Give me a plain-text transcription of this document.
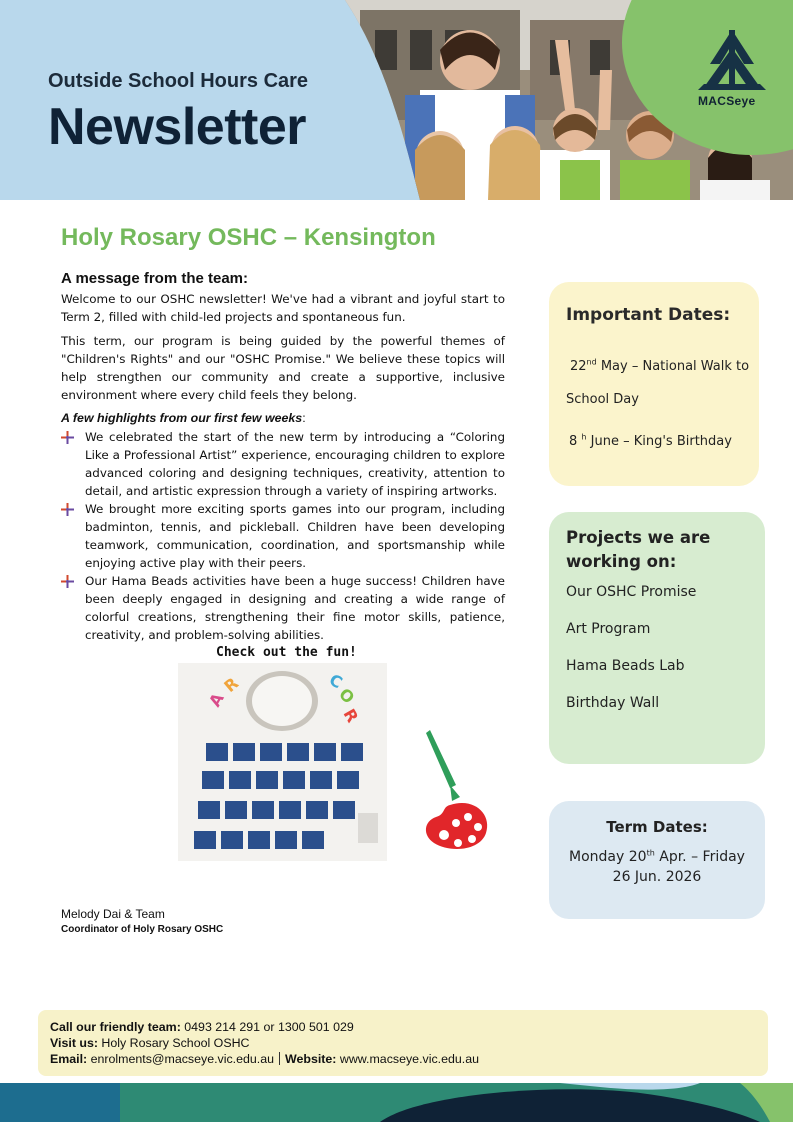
Outside School Hours Care
Newsletter	MACSeye
Holy Rosary OSHC – Kensington
A message from the team:
Welcome to our OSHC newsletter! We've had a vibrant and joyful start to Term 2, filled with child-led projects and spontaneous fun.
This term, our program is being guided by the powerful themes of "Children's Rights" and our "OSHC Promise." We believe these topics will help strengthen our community and create a supportive, inclusive environment where every child feels they belong.
A few highlights from our first few weeks:
We celebrated the start of the new term by introducing a “Coloring Like a Professional Artist” experience, encouraging children to explore advanced coloring and designing techniques, creativity, attention to detail, and artistic expression through a variety of inspiring artworks.
We brought more exciting sports games into our program, including badminton, tennis, and pickleball. Children have been developing teamwork, communication, coordination, and sportsmanship while enjoying active play with their peers.
Our Hama Beads activities have been a huge success! Children have been deeply engaged in designing and creating a wide range of colorful creations, strengthening their fine motor skills, patience, creativity, and problem-solving abilities.
Check out the fun!
A
R	C
O
R
Melody Dai & Team
Coordinator of Holy Rosary OSHC
Important Dates:
22nd May – National Walk to
School Day
8 $^h$ June – King's Birthday
Projects we are working on:
Our OSHC Promise
Art Program
Hama Beads Lab
Birthday Wall
Term Dates:
Monday 20th Apr. – Friday
26 Jun. 2026
Call our friendly team: 0493 214 291 or 1300 501 029
Visit us: Holy Rosary School OSHC
Email: enrolments@macseye.vic.edu.au Website: www.macseye.vic.edu.au
